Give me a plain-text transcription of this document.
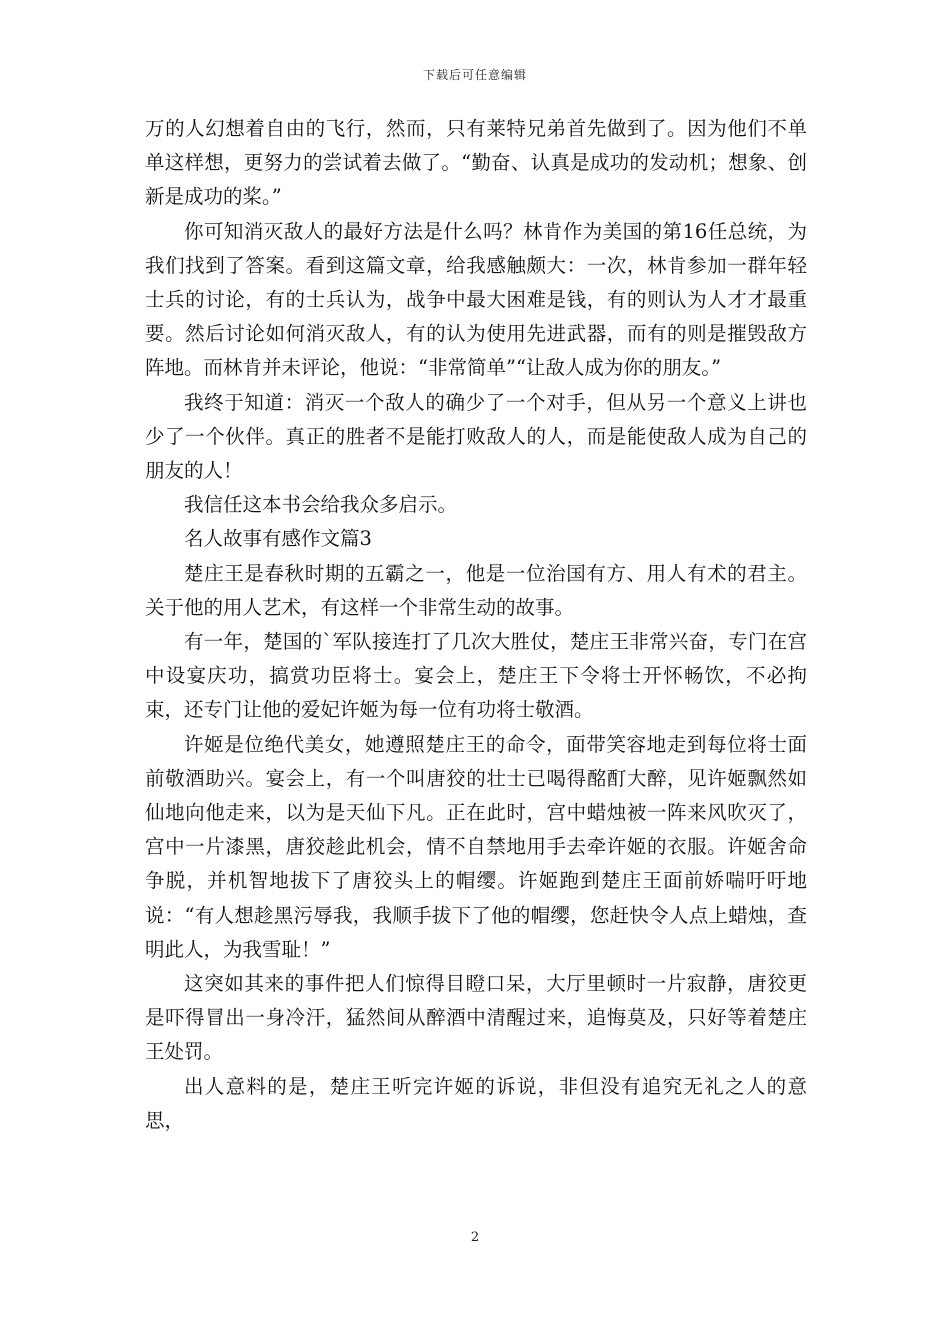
下载后可任意编辑

万的人幻想着自由的飞行，然而，只有莱特兄弟首先做到了。因为他们不单单这样想，更努力的尝试着去做了。“勤奋、认真是成功的发动机；想象、创新是成功的桨。”

你可知消灭敌人的最好方法是什么吗？林肯作为美国的第16任总统，为我们找到了答案。看到这篇文章，给我感触颇大：一次，林肯参加一群年轻士兵的讨论，有的士兵认为，战争中最大困难是钱，有的则认为人才才最重要。然后讨论如何消灭敌人，有的认为使用先进武器，而有的则是摧毁敌方阵地。而林肯并未评论，他说：“非常简单”“让敌人成为你的朋友。”

我终于知道：消灭一个敌人的确少了一个对手，但从另一个意义上讲也少了一个伙伴。真正的胜者不是能打败敌人的人，而是能使敌人成为自己的朋友的人！

我信任这本书会给我众多启示。

名人故事有感作文篇3

楚庄王是春秋时期的五霸之一，他是一位治国有方、用人有术的君主。关于他的用人艺术，有这样一个非常生动的故事。

有一年，楚国的`军队接连打了几次大胜仗，楚庄王非常兴奋，专门在宫中设宴庆功，搞赏功臣将士。宴会上，楚庄王下令将士开怀畅饮，不必拘束，还专门让他的爱妃许姬为每一位有功将士敬酒。

许姬是位绝代美女，她遵照楚庄王的命令，面带笑容地走到每位将士面前敬酒助兴。宴会上，有一个叫唐狡的壮士已喝得酩酊大醉，见许姬飘然如仙地向他走来，以为是天仙下凡。正在此时，宫中蜡烛被一阵来风吹灭了，宫中一片漆黑，唐狡趁此机会，情不自禁地用手去牵许姬的衣服。许姬舍命争脱，并机智地拔下了唐狡头上的帽缨。许姬跑到楚庄王面前娇喘吁吁地说：“有人想趁黑污辱我，我顺手拔下了他的帽缨，您赶快令人点上蜡烛，查明此人，为我雪耻！”

这突如其来的事件把人们惊得目瞪口呆，大厅里顿时一片寂静，唐狡更是吓得冒出一身冷汗，猛然间从醉酒中清醒过来，追悔莫及，只好等着楚庄王处罚。

出人意料的是，楚庄王听完许姬的诉说，非但没有追究无礼之人的意思，

2
